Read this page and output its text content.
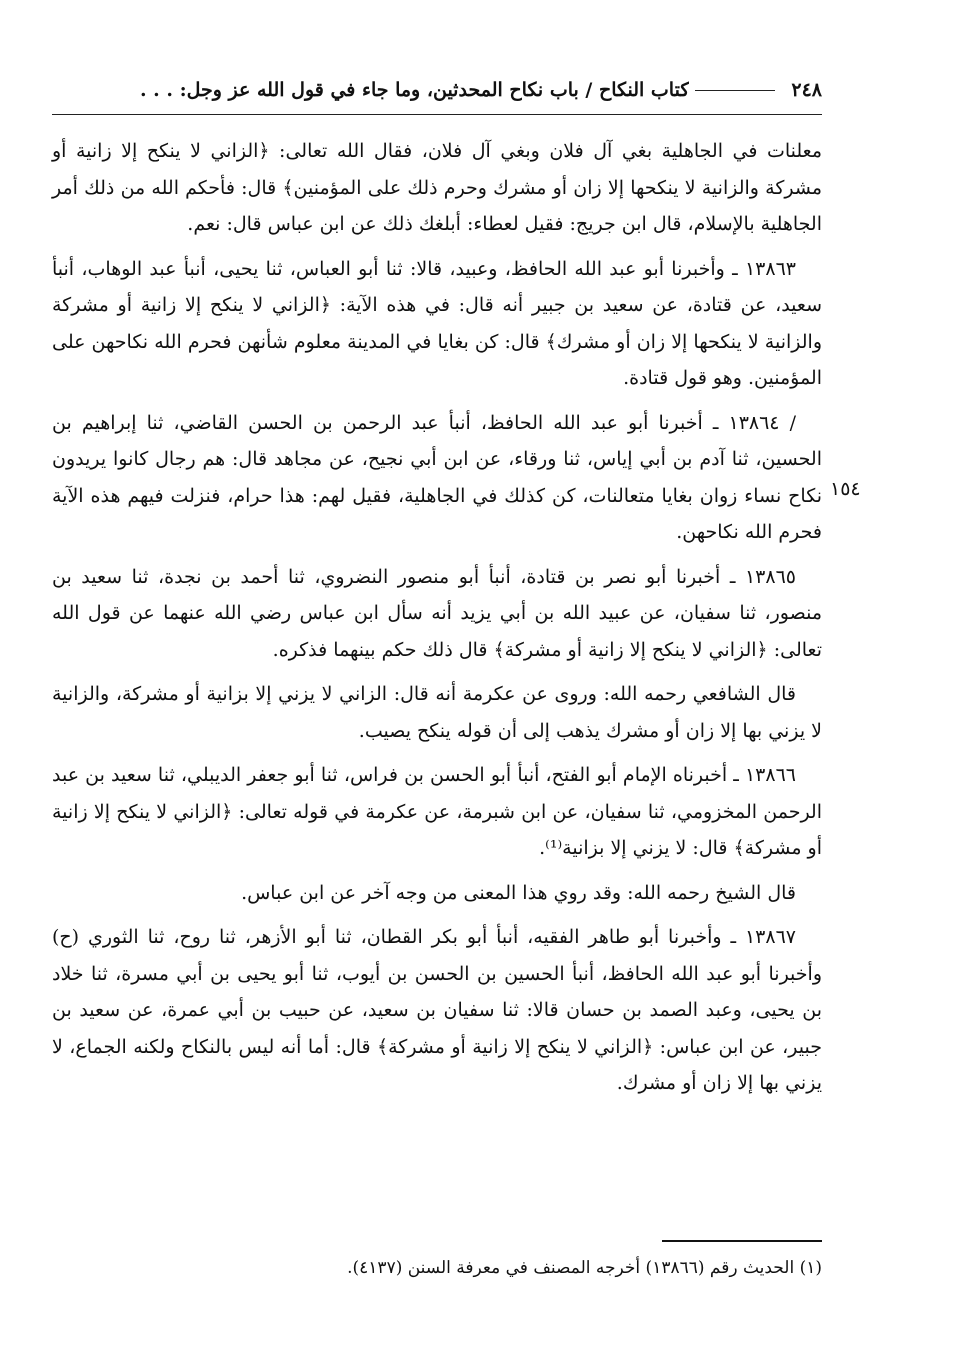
٢٤٨
كتاب النكاح / باب نكاح المحدثين، وما جاء في قول الله عز وجل: . . .

معلنات في الجاهلية بغي آل فلان وبغي آل فلان، فقال الله تعالى: ﴿الزاني لا ينكح إلا زانية أو مشركة والزانية لا ينكحها إلا زان أو مشرك وحرم ذلك على المؤمنين﴾ قال: فأحكم الله من ذلك أمر الجاهلية بالإسلام، قال ابن جريج: فقيل لعطاء: أبلغك ذلك عن ابن عباس قال: نعم.

١٣٨٦٣ ـ وأخبرنا أبو عبد الله الحافظ، وعبيد، قالا: ثنا أبو العباس، ثنا يحيى، أنبأ عبد الوهاب، أنبأ سعيد، عن قتادة، عن سعيد بن جبير أنه قال: في هذه الآية: ﴿الزاني لا ينكح إلا زانية أو مشركة والزانية لا ينكحها إلا زان أو مشرك﴾ قال: كن بغايا في المدينة معلوم شأنهن فحرم الله نكاحهن على المؤمنين. وهو قول قتادة.

/ ١٣٨٦٤ ـ أخبرنا أبو عبد الله الحافظ، أنبأ عبد الرحمن بن الحسن القاضي، ثنا إبراهيم بن الحسين، ثنا آدم بن أبي إياس، ثنا ورقاء، عن ابن أبي نجيح، عن مجاهد قال: هم رجال كانوا يريدون نكاح نساء زوان بغايا متعالنات، كن كذلك في الجاهلية، فقيل لهم: هذا حرام، فنزلت فيهم هذه الآية فحرم الله نكاحهن.

١٣٨٦٥ ـ أخبرنا أبو نصر بن قتادة، أنبأ أبو منصور النضروي، ثنا أحمد بن نجدة، ثنا سعيد بن منصور، ثنا سفيان، عن عبيد الله بن أبي يزيد أنه سأل ابن عباس رضي الله عنهما عن قول الله تعالى: ﴿الزاني لا ينكح إلا زانية أو مشركة﴾ قال ذلك حكم بينهما فذكره.

قال الشافعي رحمه الله: وروى عن عكرمة أنه قال: الزاني لا يزني إلا بزانية أو مشركة، والزانية لا يزني بها إلا زان أو مشرك يذهب إلى أن قوله ينكح يصيب.

١٣٨٦٦ ـ أخبرناه الإمام أبو الفتح، أنبأ أبو الحسن بن فراس، ثنا أبو جعفر الديبلي، ثنا سعيد بن عبد الرحمن المخزومي، ثنا سفيان، عن ابن شبرمة، عن عكرمة في قوله تعالى: ﴿الزاني لا ينكح إلا زانية أو مشركة﴾ قال: لا يزني إلا بزانية⁽¹⁾.

قال الشيخ رحمه الله: وقد روي هذا المعنى من وجه آخر عن ابن عباس.

١٣٨٦٧ ـ وأخبرنا أبو طاهر الفقيه، أنبأ أبو بكر القطان، ثنا أبو الأزهر، ثنا روح، ثنا الثوري (ح) وأخبرنا أبو عبد الله الحافظ، أنبأ الحسين بن الحسن بن أيوب، ثنا أبو يحيى بن أبي مسرة، ثنا خلاد بن يحيى، وعبد الصمد بن حسان قالا: ثنا سفيان بن سعيد، عن حبيب بن أبي عمرة، عن سعيد بن جبير، عن ابن عباس: ﴿الزاني لا ينكح إلا زانية أو مشركة﴾ قال: أما أنه ليس بالنكاح ولكنه الجماع، لا يزني بها إلا زان أو مشرك.

١٥٤
(١) الحديث رقم (١٣٨٦٦) أخرجه المصنف في معرفة السنن (٤١٣٧).
